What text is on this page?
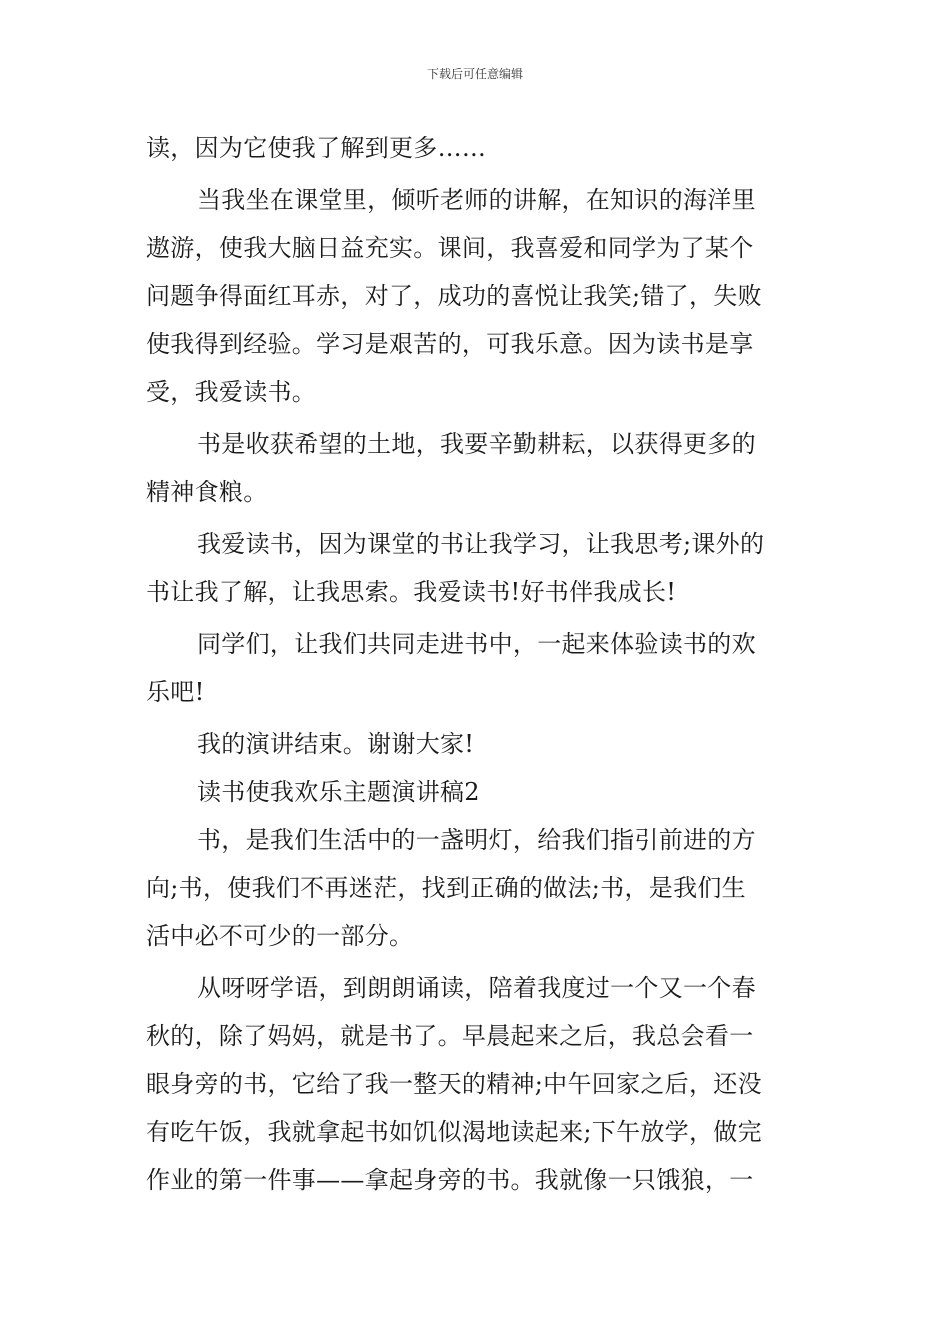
下载后可任意编辑
读，因为它使我了解到更多……
当我坐在课堂里，倾听老师的讲解，在知识的海洋里
遨游，使我大脑日益充实。课间，我喜爱和同学为了某个
问题争得面红耳赤，对了，成功的喜悦让我笑;错了，失败
使我得到经验。学习是艰苦的，可我乐意。因为读书是享
受，我爱读书。
书是收获希望的土地，我要辛勤耕耘，以获得更多的
精神食粮。
我爱读书，因为课堂的书让我学习，让我思考;课外的
书让我了解，让我思索。我爱读书!好书伴我成长!
同学们，让我们共同走进书中，一起来体验读书的欢
乐吧!
我的演讲结束。谢谢大家!
读书使我欢乐主题演讲稿2
书，是我们生活中的一盏明灯，给我们指引前进的方
向;书，使我们不再迷茫，找到正确的做法;书，是我们生
活中必不可少的一部分。
从呀呀学语，到朗朗诵读，陪着我度过一个又一个春
秋的，除了妈妈，就是书了。早晨起来之后，我总会看一
眼身旁的书，它给了我一整天的精神;中午回家之后，还没
有吃午饭，我就拿起书如饥似渴地读起来;下午放学，做完
作业的第一件事——拿起身旁的书。我就像一只饿狼，一
